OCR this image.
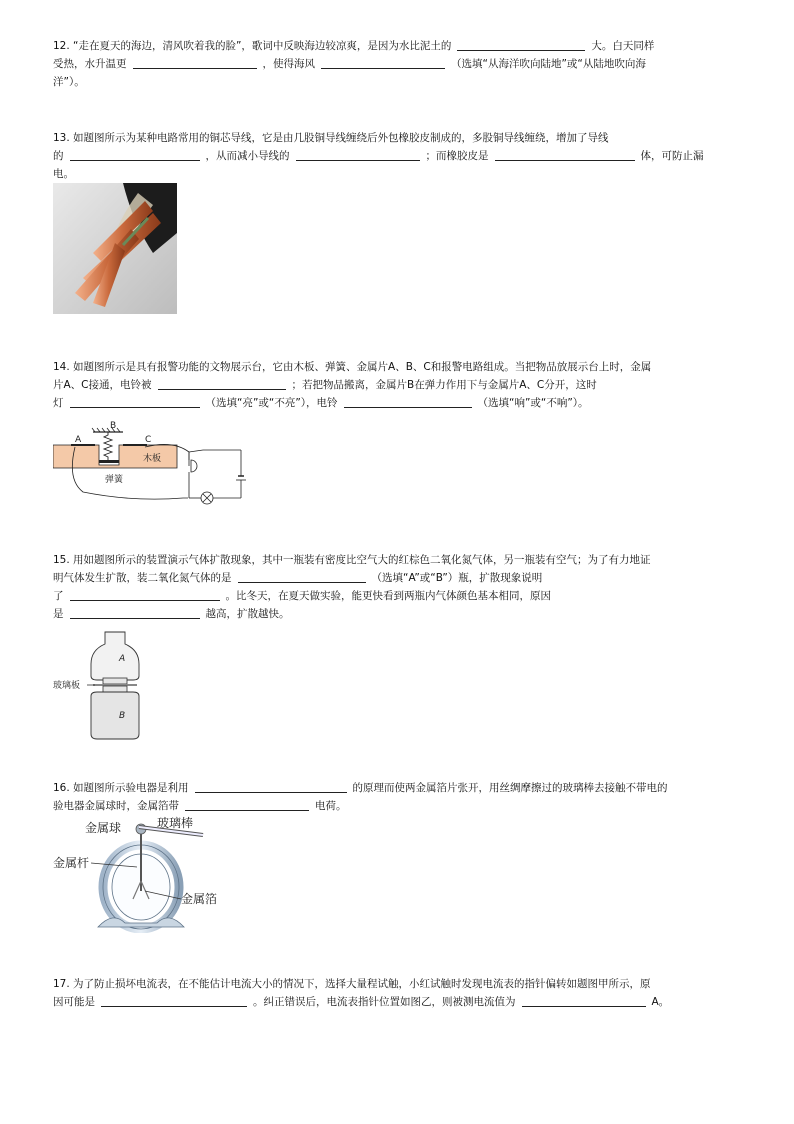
12. “走在夏天的海边，清风吹着我的脸”，歌词中反映海边较凉爽，是因为水比泥土的	大。白天同样
受热，水升温更	，使得海风	（选填“从海洋吹向陆地”或“从陆地吹向海
洋”）。
13. 如题图所示为某种电路常用的铜芯导线，它是由几股铜导线缠绕后外包橡胶皮制成的，多股铜导线缠绕，增加了导线
的	，从而减小导线的	；而橡胶皮是	体，可防止漏
电。
14. 如题图所示是具有报警功能的文物展示台，它由木板、弹簧、金属片A、B、C和报警电路组成。当把物品放展示台上时，金属
片A、C接通，电铃被	；若把物品搬离，金属片B在弹力作用下与金属片A、C分开，这时
灯	（选填“亮”或“不亮”），电铃	（选填“响”或“不响”）。
A
B
C
木板
弹簧
15. 用如题图所示的装置演示气体扩散现象，其中一瓶装有密度比空气大的红棕色二氧化氮气体，另一瓶装有空气；为了有力地证
明气体发生扩散，装二氧化氮气体的是	（选填“A”或“B”）瓶，扩散现象说明
了	。比冬天，在夏天做实验，能更快看到两瓶内气体颜色基本相同，原因
是	越高，扩散越快。
A
B
玻璃板
16. 如题图所示验电器是利用	的原理而使两金属箔片张开，用丝绸摩擦过的玻璃棒去接触不带电的
验电器金属球时，金属箔带	电荷。
金属球	玻璃棒
金属杆
金属箔
17. 为了防止损坏电流表，在不能估计电流大小的情况下，选择大量程试触，小红试触时发现电流表的指针偏转如题图甲所示，原
因可能是	。纠正错误后，电流表指针位置如图乙，则被测电流值为	A。
